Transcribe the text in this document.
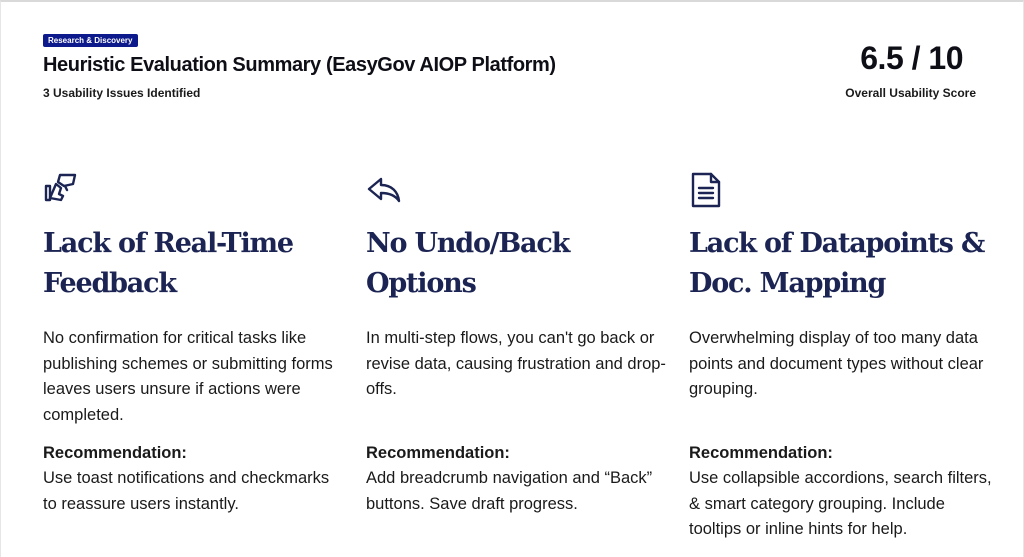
Research & Discovery
Heuristic Evaluation Summary (EasyGov AIOP Platform)
3 Usability Issues Identified
6.5 / 10
Overall Usability Score
Lack of Real-Time
Feedback
No confirmation for critical tasks like publishing schemes or submitting forms leaves users unsure if actions were completed.
Recommendation:
Use toast notifications and checkmarks to reassure users instantly.
No Undo/Back
Options
In multi-step flows, you can't go back or revise data, causing frustration and drop-offs.
Recommendation:
Add breadcrumb navigation and “Back” buttons. Save draft progress.
Lack of Datapoints &
Doc. Mapping
Overwhelming display of too many data points and document types without clear grouping.
Recommendation:
Use collapsible accordions, search filters, & smart category grouping. Include tooltips or inline hints for help.
